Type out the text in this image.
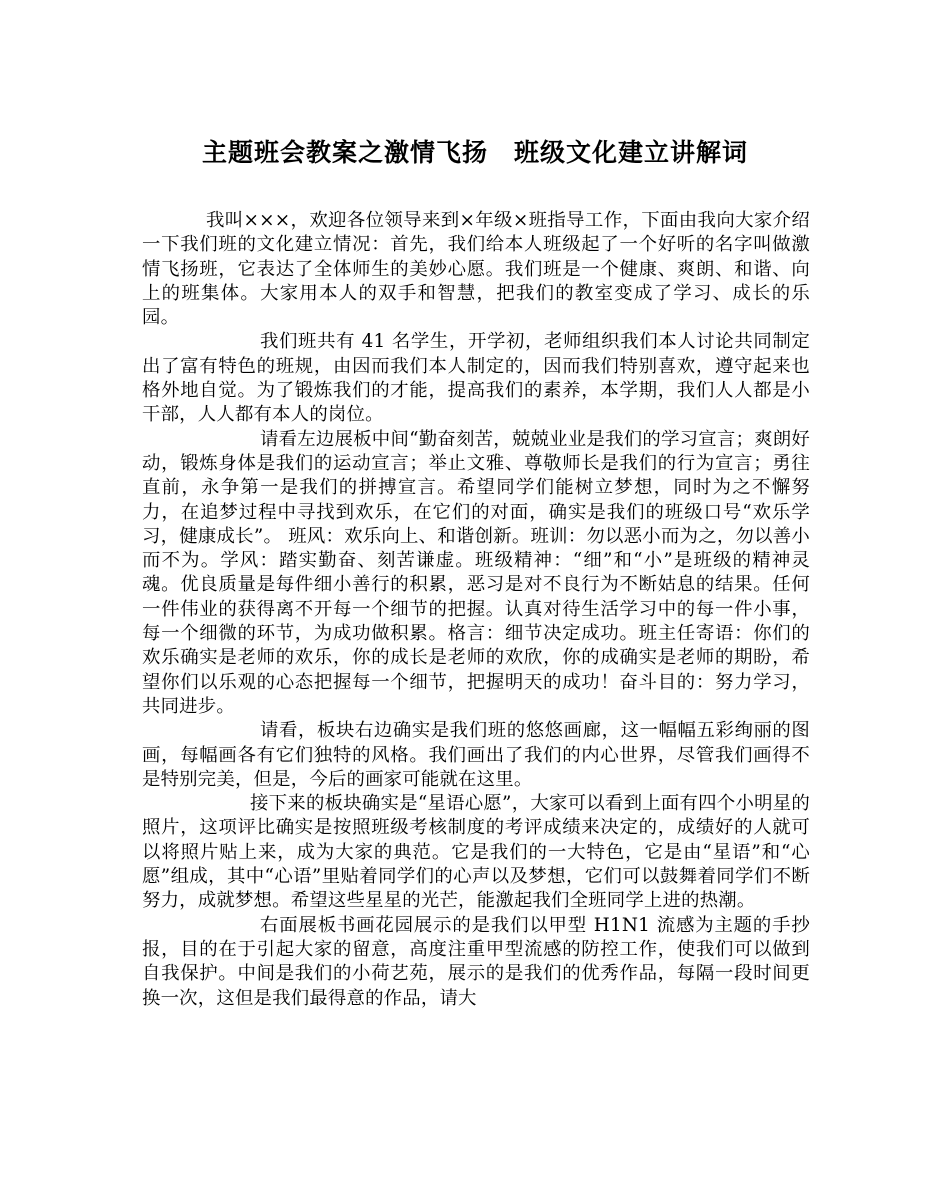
主题班会教案之激情飞扬　班级文化建立讲解词

我叫×××，欢迎各位领导来到×年级×班指导工作，下面由我向大家介绍一下我们班的文化建立情况：首先，我们给本人班级起了一个好听的名字叫做激情飞扬班，它表达了全体师生的美妙心愿。我们班是一个健康、爽朗、和谐、向上的班集体。大家用本人的双手和智慧，把我们的教室变成了学习、成长的乐园。

我们班共有 41 名学生，开学初，老师组织我们本人讨论共同制定出了富有特色的班规，由因而我们本人制定的，因而我们特别喜欢，遵守起来也格外地自觉。为了锻炼我们的才能，提高我们的素养，本学期，我们人人都是小干部，人人都有本人的岗位。

请看左边展板中间“勤奋刻苦，兢兢业业是我们的学习宣言；爽朗好动，锻炼身体是我们的运动宣言；举止文雅、尊敬师长是我们的行为宣言；勇往直前，永争第一是我们的拼搏宣言。希望同学们能树立梦想，同时为之不懈努力，在追梦过程中寻找到欢乐，在它们的对面，确实是我们的班级口号“欢乐学习，健康成长”。 班风：欢乐向上、和谐创新。班训：勿以恶小而为之，勿以善小而不为。学风：踏实勤奋、刻苦谦虚。班级精神：“细”和“小”是班级的精神灵魂。优良质量是每件细小善行的积累，恶习是对不良行为不断姑息的结果。任何一件伟业的获得离不开每一个细节的把握。认真对待生活学习中的每一件小事，每一个细微的环节，为成功做积累。格言：细节决定成功。班主任寄语：你们的欢乐确实是老师的欢乐，你的成长是老师的欢欣，你的成确实是老师的期盼，希望你们以乐观的心态把握每一个细节，把握明天的成功！奋斗目的：努力学习，共同进步。

请看，板块右边确实是我们班的悠悠画廊，这一幅幅五彩绚丽的图画，每幅画各有它们独特的风格。我们画出了我们的内心世界，尽管我们画得不是特别完美，但是，今后的画家可能就在这里。

接下来的板块确实是“星语心愿”，大家可以看到上面有四个小明星的照片，这项评比确实是按照班级考核制度的考评成绩来决定的，成绩好的人就可以将照片贴上来，成为大家的典范。它是我们的一大特色，它是由“星语”和“心愿”组成，其中“心语”里贴着同学们的心声以及梦想，它们可以鼓舞着同学们不断努力，成就梦想。希望这些星星的光芒，能激起我们全班同学上进的热潮。

右面展板书画花园展示的是我们以甲型 H1N1 流感为主题的手抄报，目的在于引起大家的留意，高度注重甲型流感的防控工作，使我们可以做到自我保护。中间是我们的小荷艺苑，展示的是我们的优秀作品，每隔一段时间更换一次，这但是我们最得意的作品，请大
